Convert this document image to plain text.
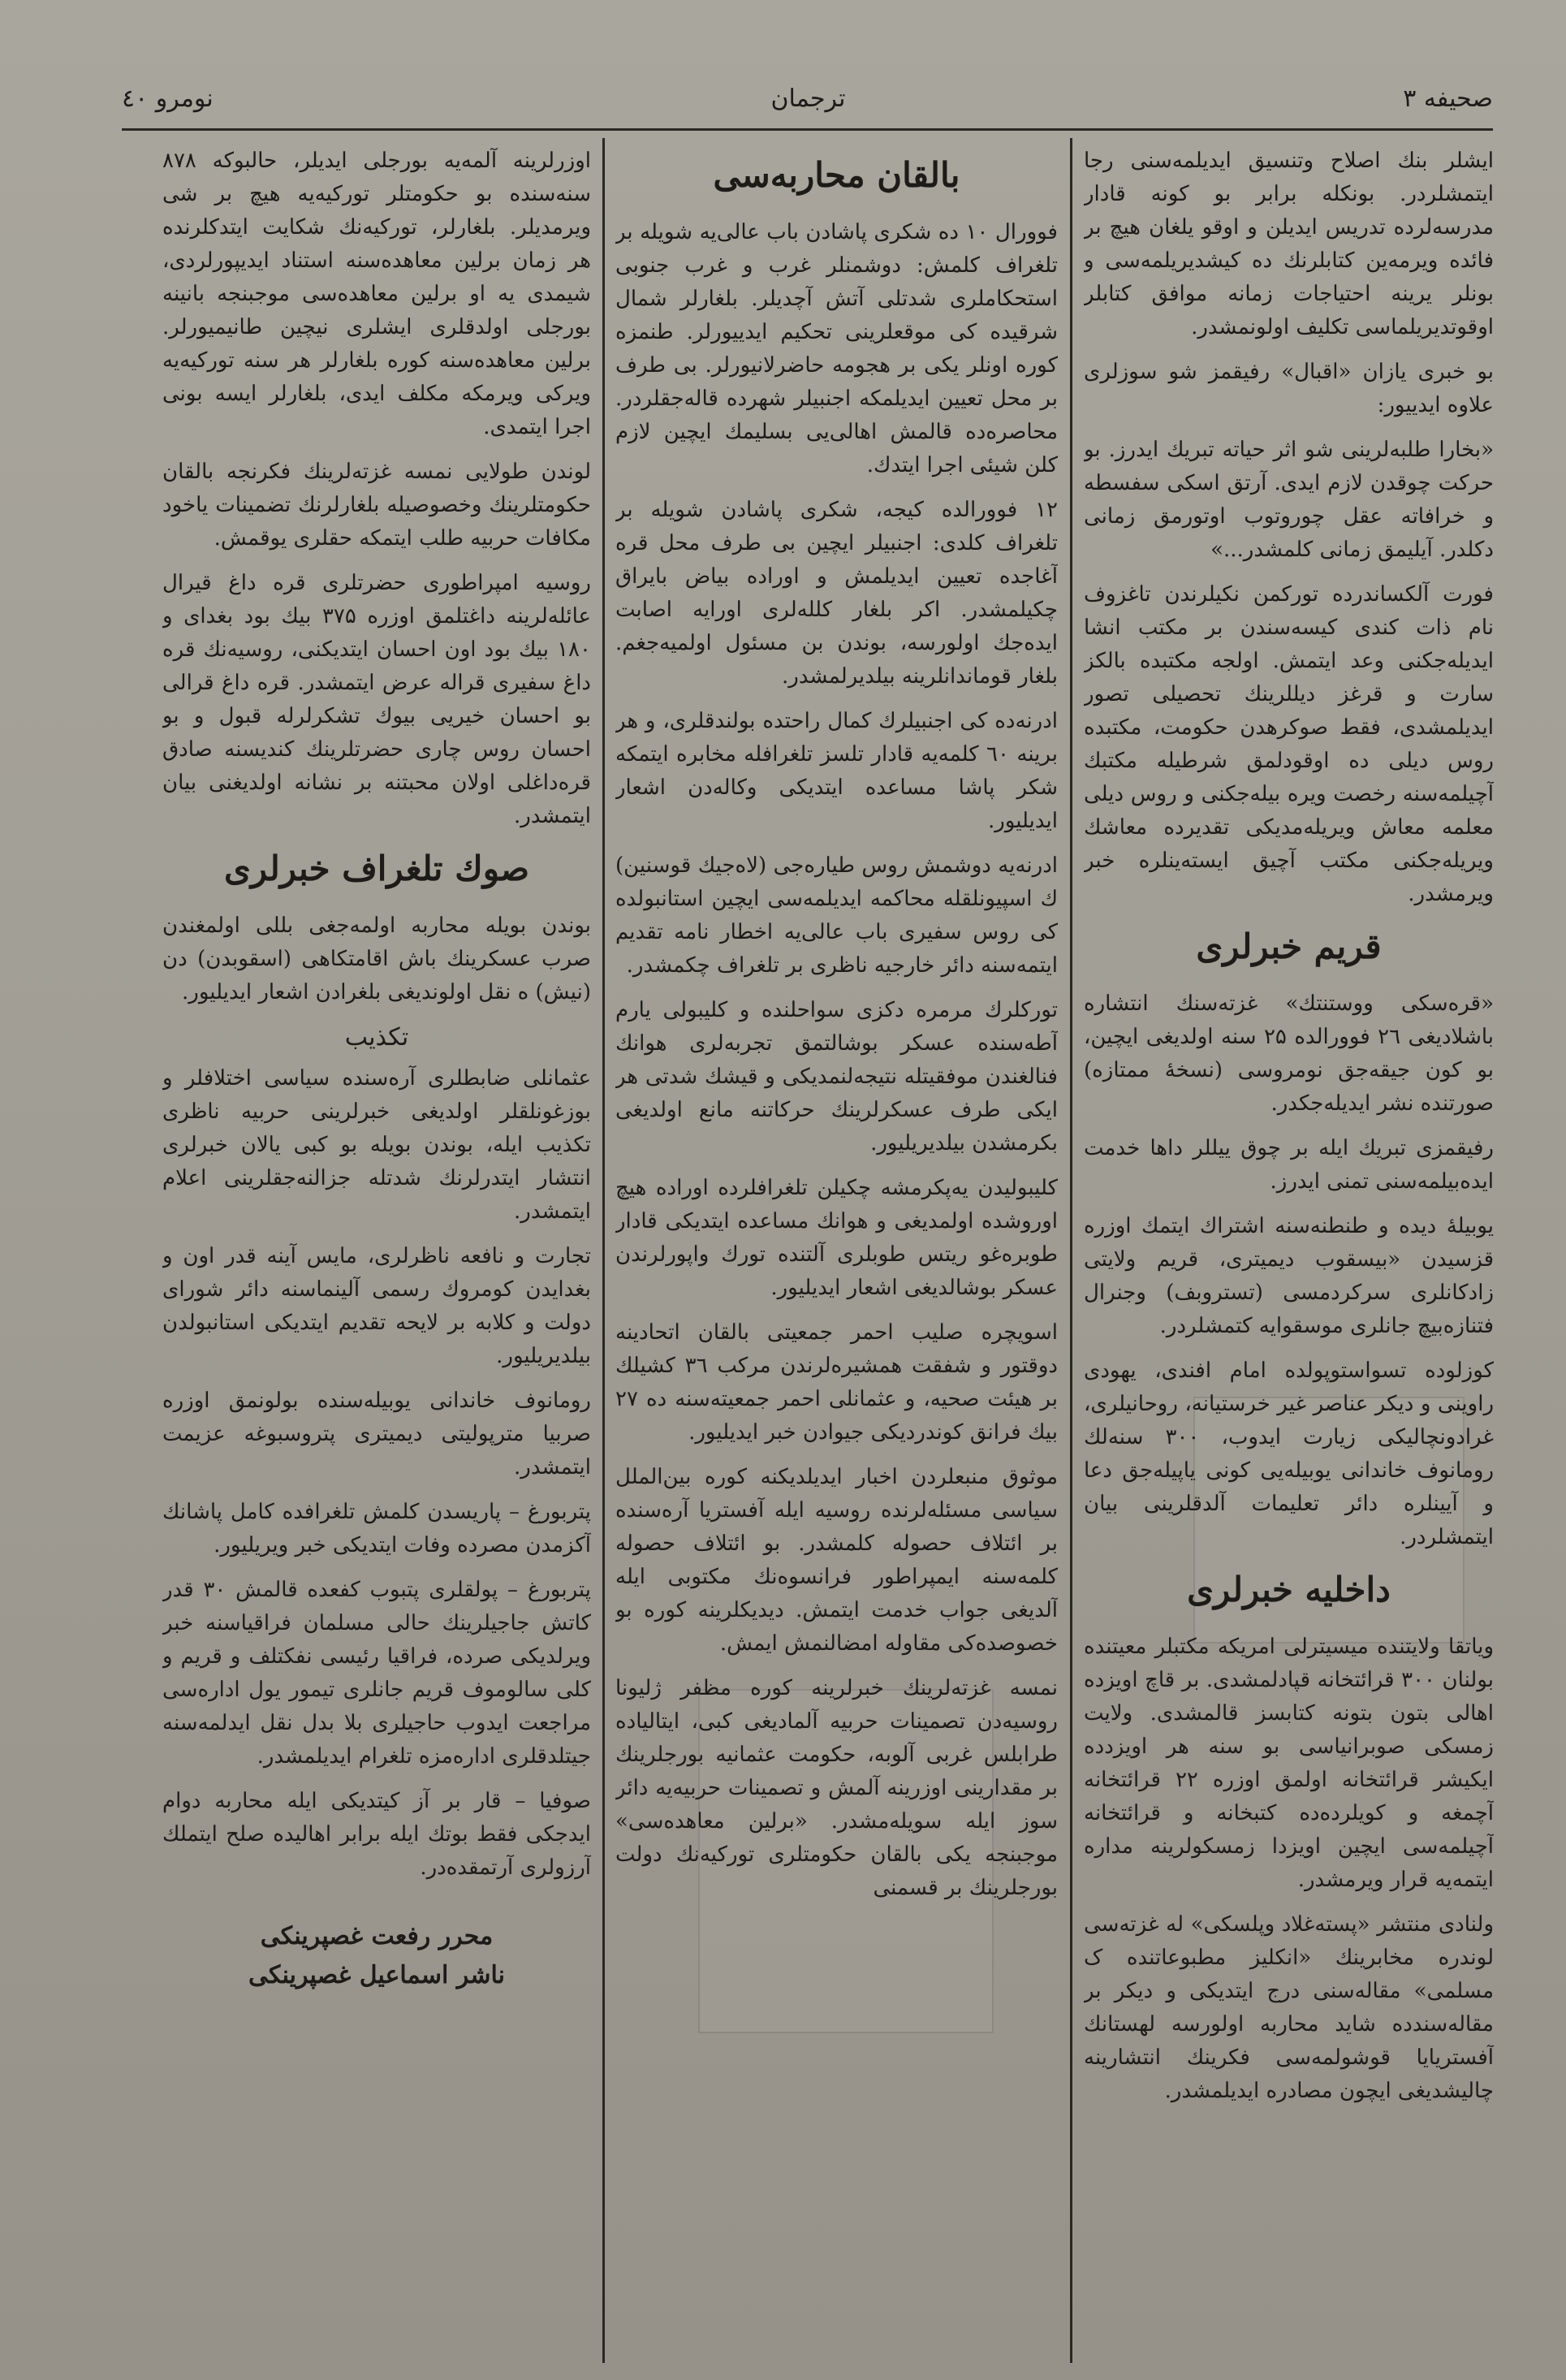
صحیفه ۳
ترجمان
نومرو ٤٠

ایشلر بنك اصلاح وتنسیق ایدیلمه‌سنی رجا ایتمشلردر. بونکله برابر بو کونه قادار مدرسه‌لرده تدریس ایدیلن و اوقو یلغان هیچ بر فائده ویرمه‌ین کتابلرنك ده کیشدیریلمه‌سی و بونلر یرینه احتیاجات زمانه موافق کتابلر اوقوتدیریلماسی تکلیف اولونمشدر.

بو خبری یازان «اقبال» رفیقمز شو سوزلری علاوه ایدییور:

«بخارا طلبه‌لرینی شو اثر حیاته تبریك ایدرز. بو حرکت چوقدن لازم ایدی. آرتق اسکی سفسطه و خرافاته عقل چوروتوب اوتورمق زمانی دکلدر. آیلیمق زمانی کلمشدر...»

فورت آلکساندرده تورکمن نکیلرندن تاغزوف نام ذات کندی کیسه‌سندن بر مکتب انشا ایدیله‌جکنی وعد ایتمش. اولجه مکتبده بالکز سارت و قرغز دیللرینك تحصیلی تصور ایدیلمشدی، فقط صوکرهدن حکومت، مکتبده روس دیلی ده اوقودلمق شرطیله مکتبك آچیلمه‌سنه رخصت ویره بیله‌جکنی و روس دیلی معلمه معاش ویریله‌مدیکی تقدیرده معاشك ویریله‌جکنی مکتب آچیق ایسته‌ینلره خبر ویرمشدر.

قریم خبرلری

«قره‌سکی ووستنتك» غزته‌سنك انتشاره باشلادیغی ۲٦ فوورالده ۲۵ سنه اولدیغی ایچین، بو کون جیقه‌جق نومروسی (نسخهٔ ممتازه) صورتنده نشر ایدیله‌جکدر.

رفیقمزی تبریك ایله بر چوق ییللر داها خدمت ایده‌بیلمه‌سنی تمنی ایدرز.

یوبیلهٔ دیده و طنطنه‌سنه اشتراك ایتمك اوزره قزسیدن «بیسقوب دیمیتری، قریم ولایتی زادکانلری سرکردمسی (تستروبف) وجنرال فتنازه‌بیچ جانلری موسقوایه کتمشلردر.

کوزلوده تسواستوپولده امام افندی، یهودی راوینی و دیکر عناصر غیر خرستیانه، روحانیلری، غرادونچالیکی زیارت ایدوب، ۳۰۰ سنه‌لك رومانوف خاندانی یوبیله‌یی کونی یاپیله‌جق دعا و آیینلره دائر تعلیمات آلدقلرینی بیان ایتمشلردر.

داخلیه خبرلری

ویاتقا ولایتنده میسیترلی امریکه مکتبلر معیتنده بولنان ۳۰۰ قرائتخانه قپادلمشدی. بر قاچ اویزده اهالی بتون بتونه کتابسز قالمشدی. ولایت زمسکی صوبرانیاسی بو سنه هر اویزدده ایکیشر قرائتخانه اولمق اوزره ۲۲ قرائتخانه آچمغه و کویلرده‌ده کتبخانه و قرائتخانه آچیلمه‌سی ایچین اویزدا زمسکولرینه مداره ایتمه‌یه قرار ویرمشدر.

ولنادی منتشر «پسته‌غلاد وپلسکی» له غزته‌سی لوندره مخابرینك «انکلیز مطبوعاتنده ک مسلمی» مقاله‌سنی درج ایتدیکی و دیکر بر مقاله‌سندده شاید محاربه اولورسه لهستانك آفستریایا قوشولمه‌سی فکرینك انتشارینه چالیشدیغی ایچون مصادره ایدیلمشدر.

بالقان محاربه‌سی

فوورال ۱۰ ده شکری پاشادن باب عالی‌یه شویله بر تلغراف کلمش: دوشمنلر غرب و غرب جنوبی استحکاملری شدتلی آتش آچدیلر. بلغارلر شمال شرقیده کی موقعلرینی تحکیم ایدییورلر. طنمزه کوره اونلر یکی بر هجومه حاضرلانیورلر. بی طرف بر محل تعیین ایدیلمکه اجنبیلر شهرده قاله‌جقلردر. محاصره‌ده قالمش اهالی‌یی بسلیمك ایچین لازم کلن شیئی اجرا ایتدك.

۱۲ فوورالده کیجه، شکری پاشادن شویله بر تلغراف کلدی: اجنبیلر ایچین بی طرف محل قره آغاجده تعیین ایدیلمش و اوراده بیاض بایراق چکیلمشدر. اکر بلغار کلله‌لری اورایه اصابت ایده‌جك اولورسه، بوندن بن مسئول اولمیه‌جغم. بلغار قوماندانلرینه بیلدیرلمشدر.

ادرنه‌ده کی اجنبیلرك کمال راحتده بولندقلری، و هر برینه ٦۰ کلمه‌یه قادار تلسز تلغرافله مخابره ایتمکه شکر پاشا مساعده ایتدیکی وکاله‌دن اشعار ایدیلیور.

ادرنه‌یه دوشمش روس طیاره‌جی (لاه‌جیك قوسنین) ك اسپیونلقله محاکمه ایدیلمه‌سی ایچین استانبولده کی روس سفیری باب عالی‌یه اخطار نامه تقدیم ایتمه‌سنه دائر خارجیه ناظری بر تلغراف چکمشدر.

تورکلرك مرمره دکزی سواحلنده و کلیبولی یارم آطه‌سنده عسکر بوشالتمق تجربه‌لری هوانك فنالغندن موفقیتله نتیجه‌لنمدیکی و قیشك شدتی هر ایکی طرف عسکرلرینك حرکاتنه مانع اولدیغی بکرمشدن بیلدیریلیور.

کلیبولیدن یه‌پکرمشه چکیلن تلغرافلرده اوراده هیچ اوروشده اولمدیغی و هوانك مساعده ایتدیکی قادار طوبره‌غو ریتس طوبلری آلتنده تورك واپورلرندن عسکر بوشالدیغی اشعار ایدیلیور.

اسویچره صلیب احمر جمعیتی بالقان اتحادینه دوقتور و شفقت همشیره‌لرندن مرکب ۳٦ کشیلك بر هیئت صحیه، و عثمانلی احمر جمعیته‌سنه ده ۲۷ بیك فرانق کوندردیکی جیوادن خبر ایدیلیور.

موثوق منبعلردن اخبار ایدیلدیکنه کوره بین‌الملل سیاسی مسئله‌لرنده روسیه ایله آفستریا آره‌سنده بر ائتلاف حصوله کلمشدر. بو ائتلاف حصوله کلمه‌سنه ایمپراطور فرانسوه‌نك مکتوبی ایله آلدیغی جواب خدمت ایتمش. دیدیکلرینه کوره بو خصوصده‌کی مقاوله امضالنمش ایمش.

نمسه غزته‌لرینك خبرلرینه کوره مظفر ژلیونا روسیه‌دن تصمینات حربیه آلمادیغی کبی، ایتالیاده طرابلس غربی آلوبه، حکومت عثمانیه بورجلرینك بر مقدارینی اوزرینه آلمش و تصمینات حربیه‌یه دائر سوز ایله سویله‌مشدر. «برلین معاهده‌سی» موجبنجه یکی بالقان حکومتلری تورکیه‌نك دولت بورجلرینك بر قسمنی

اوزرلرینه آلمه‌یه بورجلی ایدیلر، حالبوکه ۸۷۸ سنه‌سنده بو حکومتلر تورکیه‌یه هیچ بر شی ویرمدیلر. بلغارلر، تورکیه‌نك شکایت ایتدکلرنده هر زمان برلین معاهده‌سنه استناد ایدیپورلردی، شیمدی یه او برلین معاهده‌سی موجبنجه بانینه بورجلی اولدقلری ایشلری نیچین طانیمیورلر. برلین معاهده‌سنه کوره بلغارلر هر سنه تورکیه‌یه ویرکی ویرمکه مکلف ایدی، بلغارلر ایسه بونی اجرا ایتمدی.

لوندن طولایی نمسه غزته‌لرینك فکرنجه بالقان حکومتلرینك وخصوصیله بلغارلرنك تضمینات یاخود مکافات حربیه طلب ایتمکه حقلری یوقمش.

روسیه امپراطوری حضرتلری قره داغ قیرال عائله‌لرینه داغتلمق اوزره ۳۷۵ بیك بود بغدای و ۱۸۰ بیك بود اون احسان ایتدیکنی، روسیه‌نك قره داغ سفیری قراله عرض ایتمشدر. قره داغ قرالی بو احسان خیریی بیوك تشکرلرله قبول و بو احسان روس چاری حضرتلرینك کندیسنه صادق قره‌داغلی اولان محبتنه بر نشانه اولدیغنی بیان ایتمشدر.

صوك تلغراف خبرلری

بوندن بویله محاربه اولمه‌جغی بللی اولمغندن صرب عسکرینك باش اقامتکاهی (اسقوبدن) دن (نیش) ه نقل اولوندیغی بلغرادن اشعار ایدیلیور.

تکذیب

عثمانلی ضابطلری آره‌سنده سیاسی اختلافلر و بوزغونلقلر اولدیغی خبرلرینی حربیه ناظری تکذیب ایله، بوندن بویله بو کبی یالان خبرلری انتشار ایتدرلرنك شدتله جزالنه‌جقلرینی اعلام ایتمشدر.

تجارت و نافعه ناظرلری، مایس آینه قدر اون و بغدایدن کومروك رسمی آلینماسنه دائر شورای دولت و کلابه بر لایحه تقدیم ایتدیکی استانبولدن بیلدیریلیور.

رومانوف خاندانی یوبیله‌سنده بولونمق اوزره صربیا مترپولیتی دیمیتری پتروسبوغه عزیمت ایتمشدر.

پتربورغ – پاریسدن کلمش تلغرافده کامل پاشانك آکزمدن مصرده وفات ایتدیکی خبر ویریلیور.

پتربورغ – پولقلری پتبوب کفعده قالمش ۳۰ قدر کاتش جاجیلرینك حالی مسلمان فراقیاسنه خبر ویرلدیکی صرده، فراقیا رئیسی نفکتلف و قریم و کلی سالوموف قریم جانلری تیمور یول اداره‌سی مراجعت ایدوب حاجیلری بلا بدل نقل ایدلمه‌سنه جیتلدقلری اداره‌مزه تلغرام ایدیلمشدر.

صوفیا – قار بر آز کیتدیکی ایله محاربه دوام ایدجکی فقط بوتك ایله برابر اهالیده صلح ایتملك آرزولری آرتمقده‌در.

محرر رفعت غصپرینکی
ناشر اسماعیل غصپرینکی
